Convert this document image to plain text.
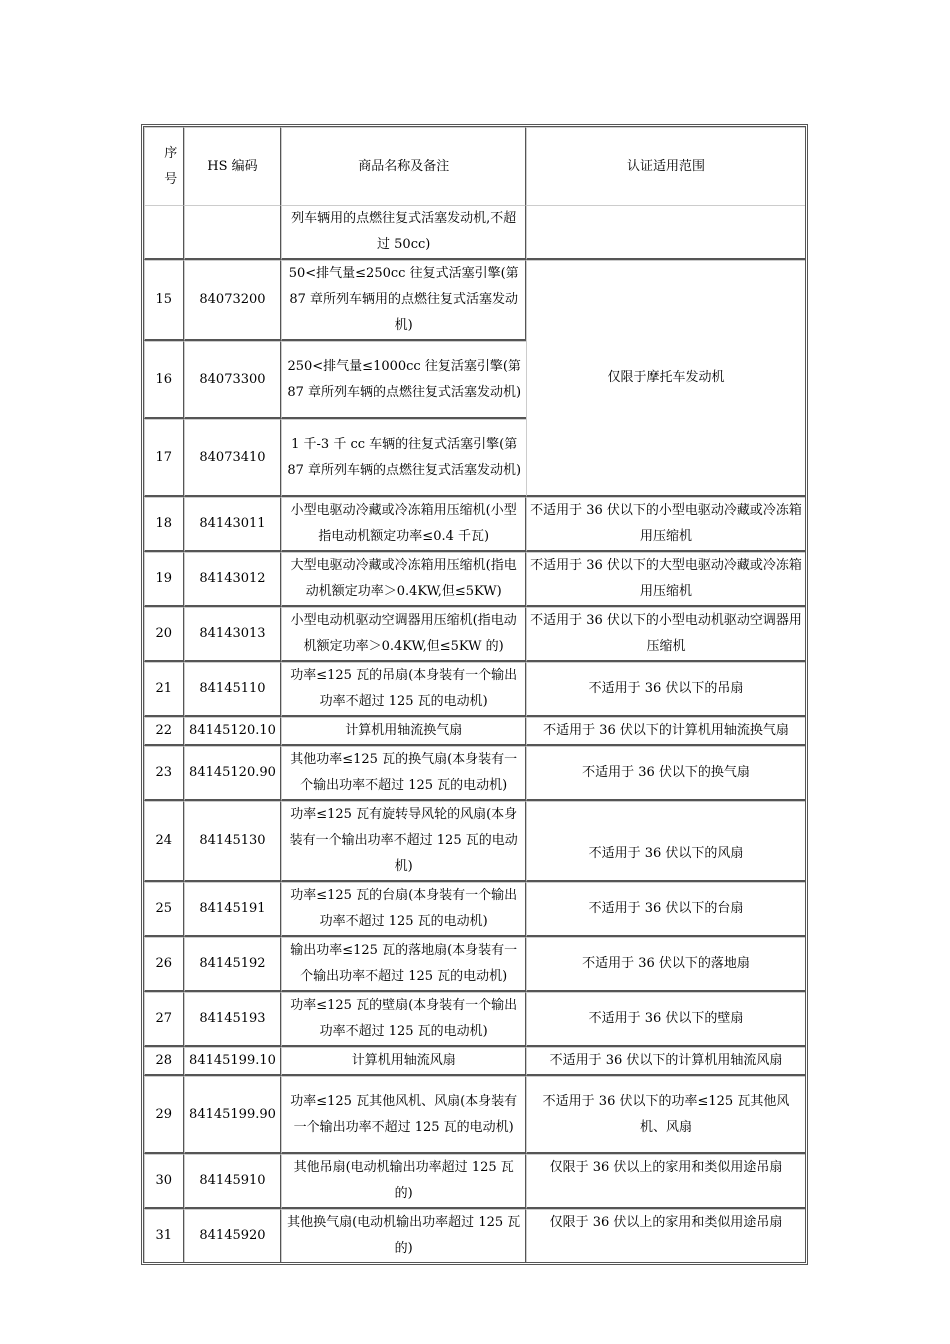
序号	HS 编码	商品名称及备注	认证适用范围
		列车辆用的点燃往复式活塞发动机,不超过 50cc)	
15	84073200	50<排气量≤250cc 往复式活塞引擎(第 87 章所列车辆用的点燃往复式活塞发动机)	仅限于摩托车发动机
16	84073300	250<排气量≤1000cc 往复活塞引擎(第 87 章所列车辆的点燃往复式活塞发动机)	
17	84073410	1 千-3 千 cc 车辆的往复式活塞引擎(第 87 章所列车辆的点燃往复式活塞发动机)	
18	84143011	小型电驱动冷藏或冷冻箱用压缩机(小型指电动机额定功率≤0.4 千瓦)	不适用于 36 伏以下的小型电驱动冷藏或冷冻箱用压缩机
19	84143012	大型电驱动冷藏或冷冻箱用压缩机(指电动机额定功率＞0.4KW,但≤5KW)	不适用于 36 伏以下的大型电驱动冷藏或冷冻箱用压缩机
20	84143013	小型电动机驱动空调器用压缩机(指电动机额定功率＞0.4KW,但≤5KW 的)	不适用于 36 伏以下的小型电动机驱动空调器用压缩机
21	84145110	功率≤125 瓦的吊扇(本身装有一个输出功率不超过 125 瓦的电动机)	不适用于 36 伏以下的吊扇
22	84145120.10	计算机用轴流换气扇	不适用于 36 伏以下的计算机用轴流换气扇
23	84145120.90	其他功率≤125 瓦的换气扇(本身装有一个输出功率不超过 125 瓦的电动机)	不适用于 36 伏以下的换气扇
24	84145130	功率≤125 瓦有旋转导风轮的风扇(本身装有一个输出功率不超过 125 瓦的电动机)	不适用于 36 伏以下的风扇
25	84145191	功率≤125 瓦的台扇(本身装有一个输出功率不超过 125 瓦的电动机)	不适用于 36 伏以下的台扇
26	84145192	输出功率≤125 瓦的落地扇(本身装有一个输出功率不超过 125 瓦的电动机)	不适用于 36 伏以下的落地扇
27	84145193	功率≤125 瓦的壁扇(本身装有一个输出功率不超过 125 瓦的电动机)	不适用于 36 伏以下的壁扇
28	84145199.10	计算机用轴流风扇	不适用于 36 伏以下的计算机用轴流风扇
29	84145199.90	功率≤125 瓦其他风机、风扇(本身装有一个输出功率不超过 125 瓦的电动机)	不适用于 36 伏以下的功率≤125 瓦其他风机、风扇
30	84145910	其他吊扇(电动机输出功率超过 125 瓦的)	仅限于 36 伏以上的家用和类似用途吊扇
31	84145920	其他换气扇(电动机输出功率超过 125 瓦的)	仅限于 36 伏以上的家用和类似用途吊扇
